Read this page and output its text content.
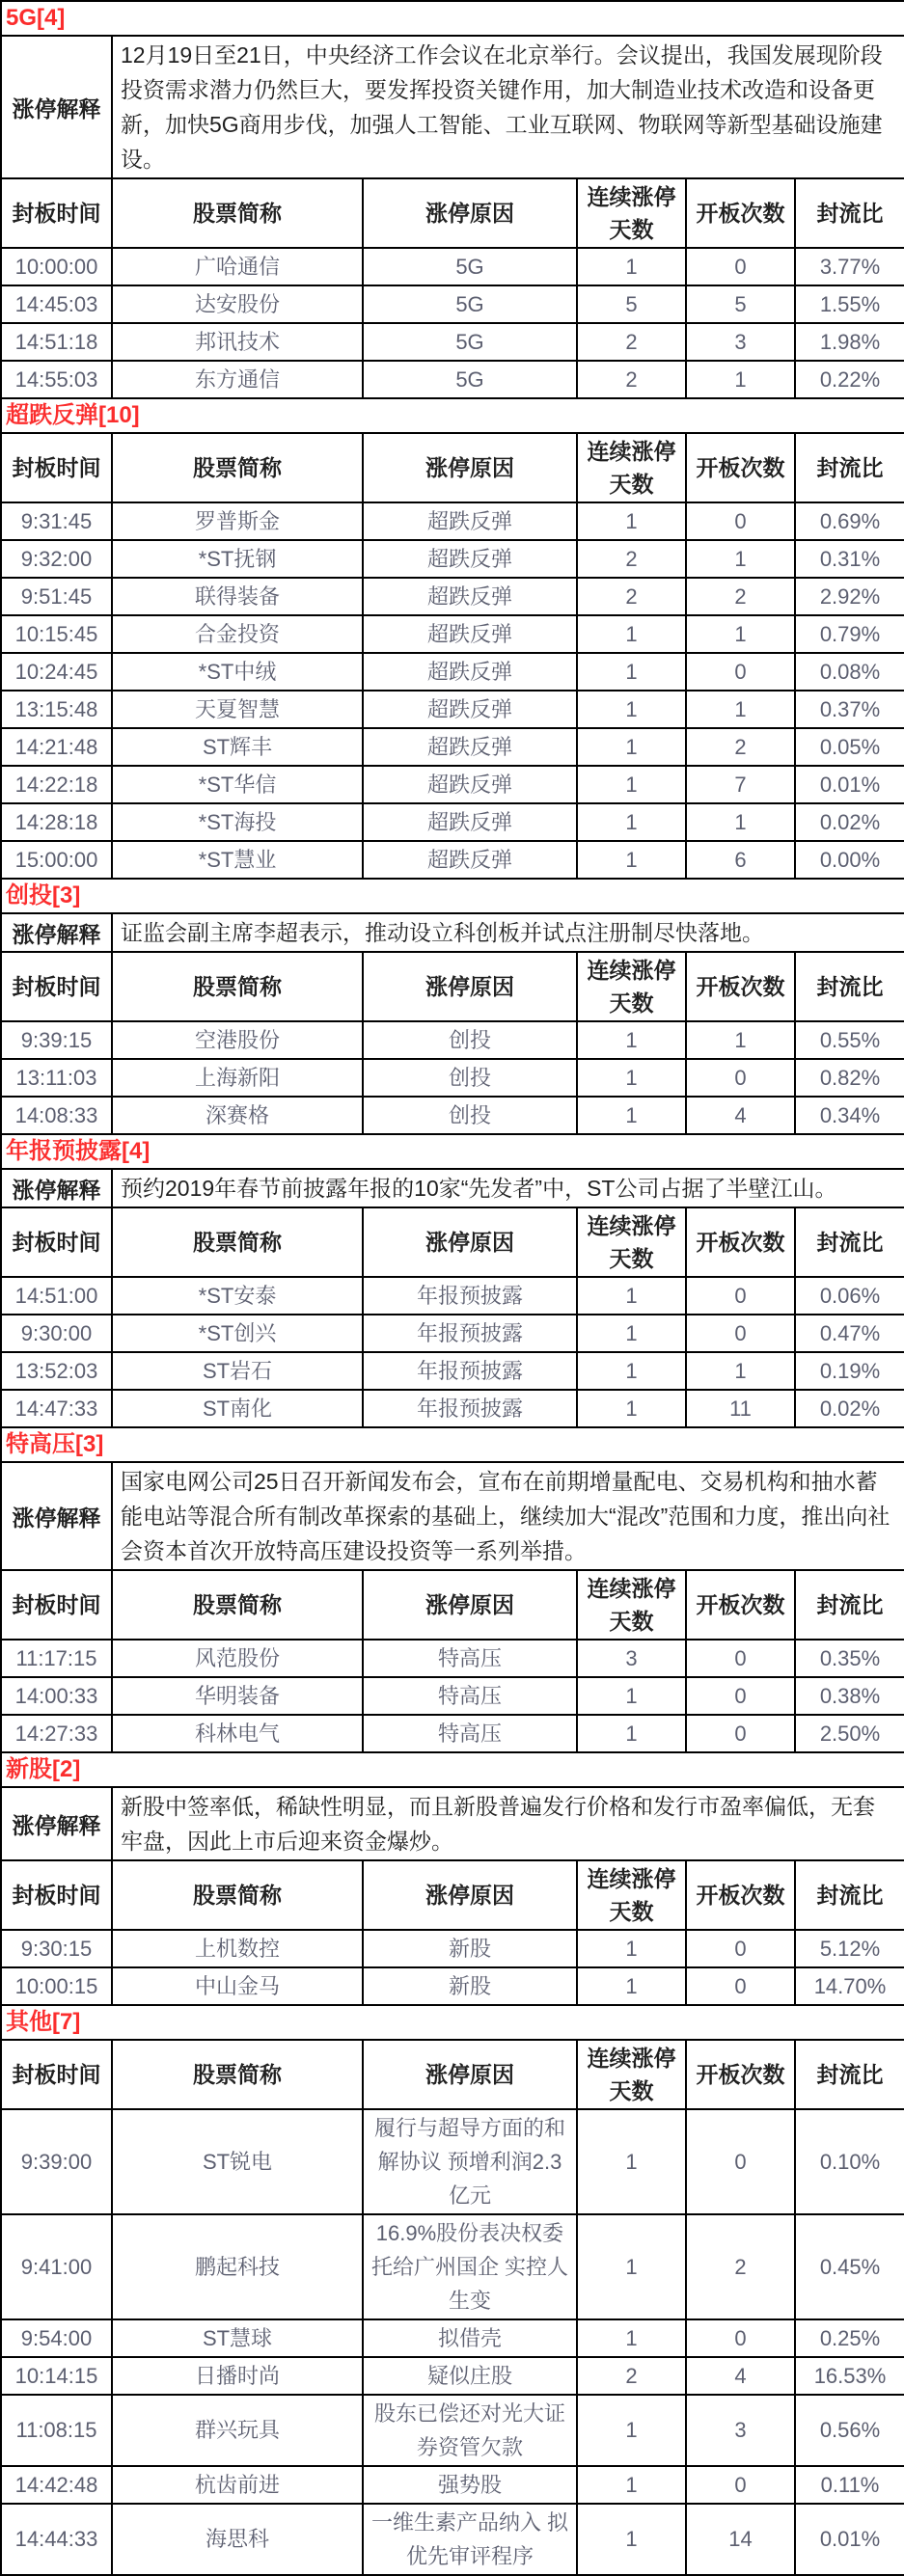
5G[4]					
涨停解释	12月19日至21日，中央经济工作会议在北京举行。会议提出，我国发展现阶段投资需求潜力仍然巨大，要发挥投资关键作用，加大制造业技术改造和设备更新，加快5G商用步伐，加强人工智能、工业互联网、物联网等新型基础设施建设。				
封板时间	股票简称	涨停原因	连续涨停天数	开板次数	封流比
10:00:00	广哈通信	5G	1	0	3.77%
14:45:03	达安股份	5G	5	5	1.55%
14:51:18	邦讯技术	5G	2	3	1.98%
14:55:03	东方通信	5G	2	1	0.22%
超跌反弹[10]					
封板时间	股票简称	涨停原因	连续涨停天数	开板次数	封流比
9:31:45	罗普斯金	超跌反弹	1	0	0.69%
9:32:00	*ST抚钢	超跌反弹	2	1	0.31%
9:51:45	联得装备	超跌反弹	2	2	2.92%
10:15:45	合金投资	超跌反弹	1	1	0.79%
10:24:45	*ST中绒	超跌反弹	1	0	0.08%
13:15:48	天夏智慧	超跌反弹	1	1	0.37%
14:21:48	ST辉丰	超跌反弹	1	2	0.05%
14:22:18	*ST华信	超跌反弹	1	7	0.01%
14:28:18	*ST海投	超跌反弹	1	1	0.02%
15:00:00	*ST慧业	超跌反弹	1	6	0.00%
创投[3]					
涨停解释	证监会副主席李超表示，推动设立科创板并试点注册制尽快落地。				
封板时间	股票简称	涨停原因	连续涨停天数	开板次数	封流比
9:39:15	空港股份	创投	1	1	0.55%
13:11:03	上海新阳	创投	1	0	0.82%
14:08:33	深赛格	创投	1	4	0.34%
年报预披露[4]					
涨停解释	预约2019年春节前披露年报的10家“先发者”中，ST公司占据了半壁江山。				
封板时间	股票简称	涨停原因	连续涨停天数	开板次数	封流比
14:51:00	*ST安泰	年报预披露	1	0	0.06%
9:30:00	*ST创兴	年报预披露	1	0	0.47%
13:52:03	ST岩石	年报预披露	1	1	0.19%
14:47:33	ST南化	年报预披露	1	11	0.02%
特高压[3]					
涨停解释	国家电网公司25日召开新闻发布会，宣布在前期增量配电、交易机构和抽水蓄能电站等混合所有制改革探索的基础上，继续加大“混改”范围和力度，推出向社会资本首次开放特高压建设投资等一系列举措。				
封板时间	股票简称	涨停原因	连续涨停天数	开板次数	封流比
11:17:15	风范股份	特高压	3	0	0.35%
14:00:33	华明装备	特高压	1	0	0.38%
14:27:33	科林电气	特高压	1	0	2.50%
新股[2]					
涨停解释	新股中签率低，稀缺性明显，而且新股普遍发行价格和发行市盈率偏低，无套牢盘，因此上市后迎来资金爆炒。				
封板时间	股票简称	涨停原因	连续涨停天数	开板次数	封流比
9:30:15	上机数控	新股	1	0	5.12%
10:00:15	中山金马	新股	1	0	14.70%
其他[7]					
封板时间	股票简称	涨停原因	连续涨停天数	开板次数	封流比
9:39:00	ST锐电	履行与超导方面的和解协议 预增利润2.3亿元	1	0	0.10%
9:41:00	鹏起科技	16.9%股份表决权委托给广州国企 实控人生变	1	2	0.45%
9:54:00	ST慧球	拟借壳	1	0	0.25%
10:14:15	日播时尚	疑似庄股	2	4	16.53%
11:08:15	群兴玩具	股东已偿还对光大证券资管欠款	1	3	0.56%
14:42:48	杭齿前进	强势股	1	0	0.11%
14:44:33	海思科	一维生素产品纳入 拟优先审评程序	1	14	0.01%
